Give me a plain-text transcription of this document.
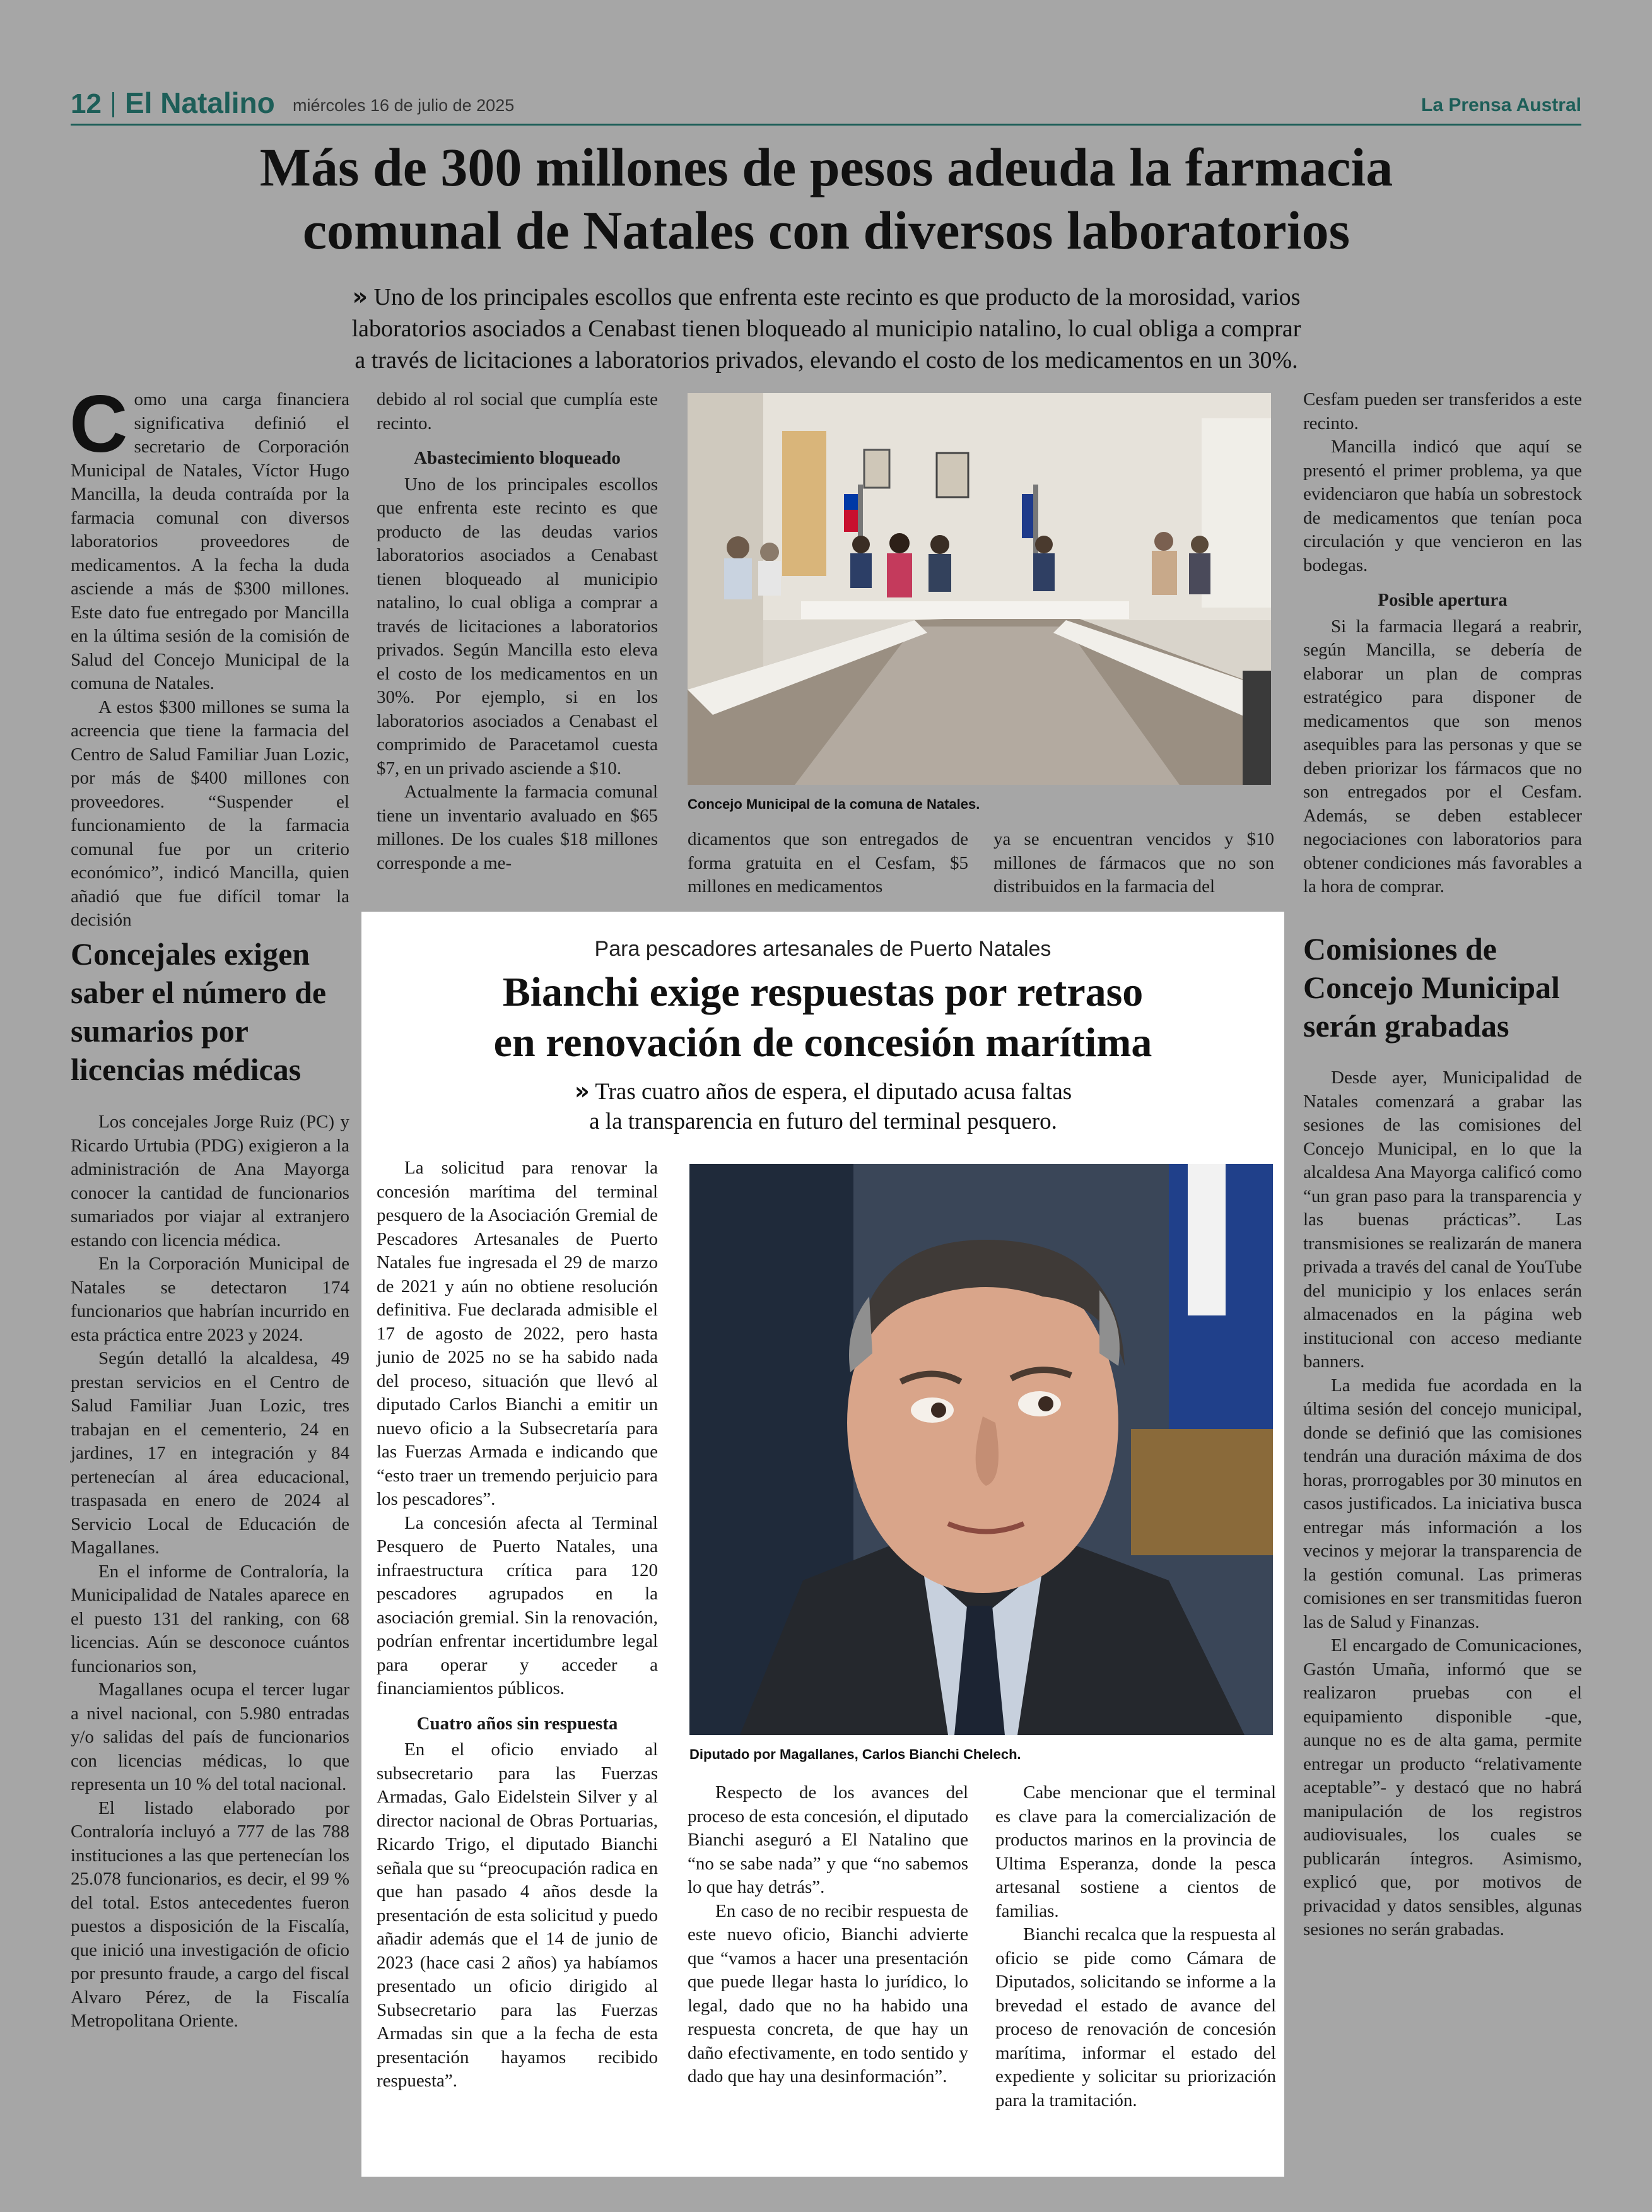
12 El Natalino miércoles 16 de julio de 2025	La Prensa Austral
Más de 300 millones de pesos adeuda la farmacia
comunal de Natales con diversos laboratorios
» Uno de los principales escollos que enfrenta este recinto es que producto de la morosidad, varios
laboratorios asociados a Cenabast tienen bloqueado al municipio natalino, lo cual obliga a comprar
a través de licitaciones a laboratorios privados, elevando el costo de los medicamentos en un 30%.

Como una carga financiera significativa definió el secretario de Corporación Municipal de Natales, Víctor Hugo Mancilla, la deuda contraída por la farmacia comunal con diversos laboratorios proveedores de medicamentos. A la fecha la duda asciende a más de $300 millones. Este dato fue entregado por Mancilla en la última sesión de la comisión de Salud del Concejo Municipal de la comuna de Natales.

A estos $300 millones se suma la acreencia que tiene la farmacia del Centro de Salud Familiar Juan Lozic, por más de $400 millones con proveedores. “Suspender el funcionamiento de la farmacia comunal fue por un criterio económico”, indicó Mancilla, quien añadió que fue difícil tomar la decisión

debido al rol social que cumplía este recinto.

Abastecimiento bloqueado

Uno de los principales escollos que enfrenta este recinto es que producto de las deudas varios laboratorios asociados a Cenabast tienen bloqueado al municipio natalino, lo cual obliga a comprar a través de licitaciones a laboratorios privados. Según Mancilla esto eleva el costo de los medicamentos en un 30%. Por ejemplo, si en los laboratorios asociados a Cenabast el comprimido de Paracetamol cuesta $7, en un privado asciende a $10.

Actualmente la farmacia comunal tiene un inventario avaluado en $65 millones. De los cuales $18 millones corresponde a me-

Concejo Municipal de la comuna de Natales.

dicamentos que son entregados de forma gratuita en el Cesfam, $5 millones en medicamentos

ya se encuentran vencidos y $10 millones de fármacos que no son distribuidos en la farmacia del

Cesfam pueden ser transferidos a este recinto.

Mancilla indicó que aquí se presentó el primer problema, ya que evidenciaron que había un sobrestock de medicamentos que tenían poca circulación y que vencieron en las bodegas.

Posible apertura

Si la farmacia llegará a reabrir, según Mancilla, se debería de elaborar un plan de compras estratégico para disponer de medicamentos que son menos asequibles para las personas y que se deben priorizar los fármacos que no son entregados por el Cesfam. Además, se deben establecer negociaciones con laboratorios para obtener condiciones más favorables a la hora de comprar.

Concejales exigen saber el número de sumarios por licencias médicas

Los concejales Jorge Ruiz (PC) y Ricardo Urtubia (PDG) exigieron a la administración de Ana Mayorga conocer la cantidad de funcionarios sumariados por viajar al extranjero estando con licencia médica.

En la Corporación Municipal de Natales se detectaron 174 funcionarios que habrían incurrido en esta práctica entre 2023 y 2024.

Según detalló la alcaldesa, 49 prestan servicios en el Centro de Salud Familiar Juan Lozic, tres trabajan en el cementerio, 24 en jardines, 17 en integración y 84 pertenecían al área educacional, traspasada en enero de 2024 al Servicio Local de Educación de Magallanes.

En el informe de Contraloría, la Municipalidad de Natales aparece en el puesto 131 del ranking, con 68 licencias. Aún se desconoce cuántos funcionarios son,

Magallanes ocupa el tercer lugar a nivel nacional, con 5.980 entradas y/o salidas del país de funcionarios con licencias médicas, lo que representa un 10 % del total nacional.

El listado elaborado por Contraloría incluyó a 777 de las 788 instituciones a las que pertenecían los 25.078 funcionarios, es decir, el 99 % del total. Estos antecedentes fueron puestos a disposición de la Fiscalía, que inició una investigación de oficio por presunto fraude, a cargo del fiscal Alvaro Pérez, de la Fiscalía Metropolitana Oriente.

Para pescadores artesanales de Puerto Natales
Bianchi exige respuestas por retraso
en renovación de concesión marítima
» Tras cuatro años de espera, el diputado acusa faltas
a la transparencia en futuro del terminal pesquero.

La solicitud para renovar la concesión marítima del terminal pesquero de la Asociación Gremial de Pescadores Artesanales de Puerto Natales fue ingresada el 29 de marzo de 2021 y aún no obtiene resolución definitiva. Fue declarada admisible el 17 de agosto de 2022, pero hasta junio de 2025 no se ha sabido nada del proceso, situación que llevó al diputado Carlos Bianchi a emitir un nuevo oficio a la Subsecretaría para las Fuerzas Armada e indicando que “esto traer un tremendo perjuicio para los pescadores”.

La concesión afecta al Terminal Pesquero de Puerto Natales, una infraestructura crítica para 120 pescadores agrupados en la asociación gremial. Sin la renovación, podrían enfrentar incertidumbre legal para operar y acceder a financiamientos públicos.

Cuatro años sin respuesta

En el oficio enviado al subsecretario para las Fuerzas Armadas, Galo Eidelstein Silver y al director nacional de Obras Portuarias, Ricardo Trigo, el diputado Bianchi señala que su “preocupación radica en que han pasado 4 años desde la presentación de esta solicitud y puedo añadir además que el 14 de junio de 2023 (hace casi 2 años) ya habíamos presentado un oficio dirigido al Subsecretario para las Fuerzas Armadas sin que a la fecha de esta presentación hayamos recibido respuesta”.

Diputado por Magallanes, Carlos Bianchi Chelech.

Respecto de los avances del proceso de esta concesión, el diputado Bianchi aseguró a El Natalino que “no se sabe nada” y que “no sabemos lo que hay detrás”.

En caso de no recibir respuesta de este nuevo oficio, Bianchi advierte que “vamos a hacer una presentación que puede llegar hasta lo jurídico, lo legal, dado que no ha habido una respuesta concreta, de que hay un daño efectivamente, en todo sentido y dado que hay una desinformación”.

Cabe mencionar que el terminal es clave para la comercialización de productos marinos en la provincia de Ultima Esperanza, donde la pesca artesanal sostiene a cientos de familias.

Bianchi recalca que la respuesta al oficio se pide como Cámara de Diputados, solicitando se informe a la brevedad el estado de avance del proceso de renovación de concesión marítima, informar el estado del expediente y solicitar su priorización para la tramitación.

Comisiones de Concejo Municipal serán grabadas

Desde ayer, Municipalidad de Natales comenzará a grabar las sesiones de las comisiones del Concejo Municipal, en lo que la alcaldesa Ana Mayorga calificó como “un gran paso para la transparencia y las buenas prácticas”. Las transmisiones se realizarán de manera privada a través del canal de YouTube del municipio y los enlaces serán almacenados en la página web institucional con acceso mediante banners.

La medida fue acordada en la última sesión del concejo municipal, donde se definió que las comisiones tendrán una duración máxima de dos horas, prorrogables por 30 minutos en casos justificados. La iniciativa busca entregar más información a los vecinos y mejorar la transparencia de la gestión comunal. Las primeras comisiones en ser transmitidas fueron las de Salud y Finanzas.

El encargado de Comunicaciones, Gastón Umaña, informó que se realizaron pruebas con el equipamiento disponible -que, aunque no es de alta gama, permite entregar un producto “relativamente aceptable”- y destacó que no habrá manipulación de los registros audiovisuales, los cuales se publicarán íntegros. Asimismo, explicó que, por motivos de privacidad y datos sensibles, algunas sesiones no serán grabadas.
